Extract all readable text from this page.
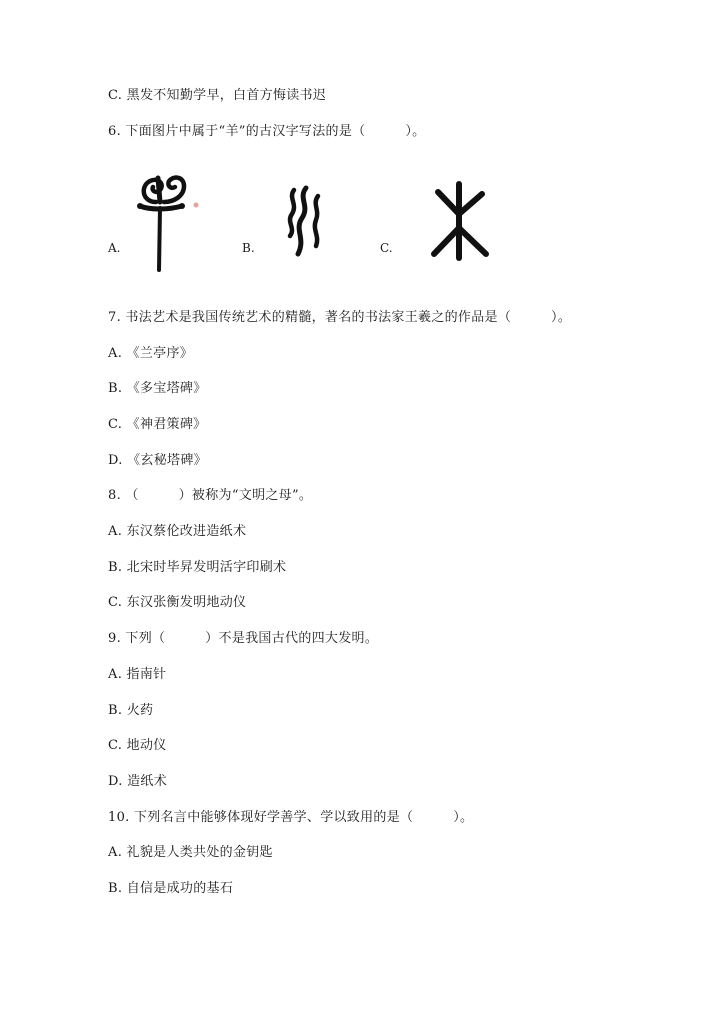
C. 黑发不知勤学早，白首方悔读书迟
6. 下面图片中属于“羊”的古汉字写法的是（　　　）。
A.	B.	C.
7. 书法艺术是我国传统艺术的精髓，著名的书法家王羲之的作品是（　　　）。
A. 《兰亭序》
B. 《多宝塔碑》
C. 《神君策碑》
D. 《玄秘塔碑》
8. （　　　）被称为“文明之母”。
A. 东汉蔡伦改进造纸术
B. 北宋时毕昇发明活字印刷术
C. 东汉张衡发明地动仪
9. 下列（　　　）不是我国古代的四大发明。
A. 指南针
B. 火药
C. 地动仪
D. 造纸术
10. 下列名言中能够体现好学善学、学以致用的是（　　　）。
A. 礼貌是人类共处的金钥匙
B. 自信是成功的基石
